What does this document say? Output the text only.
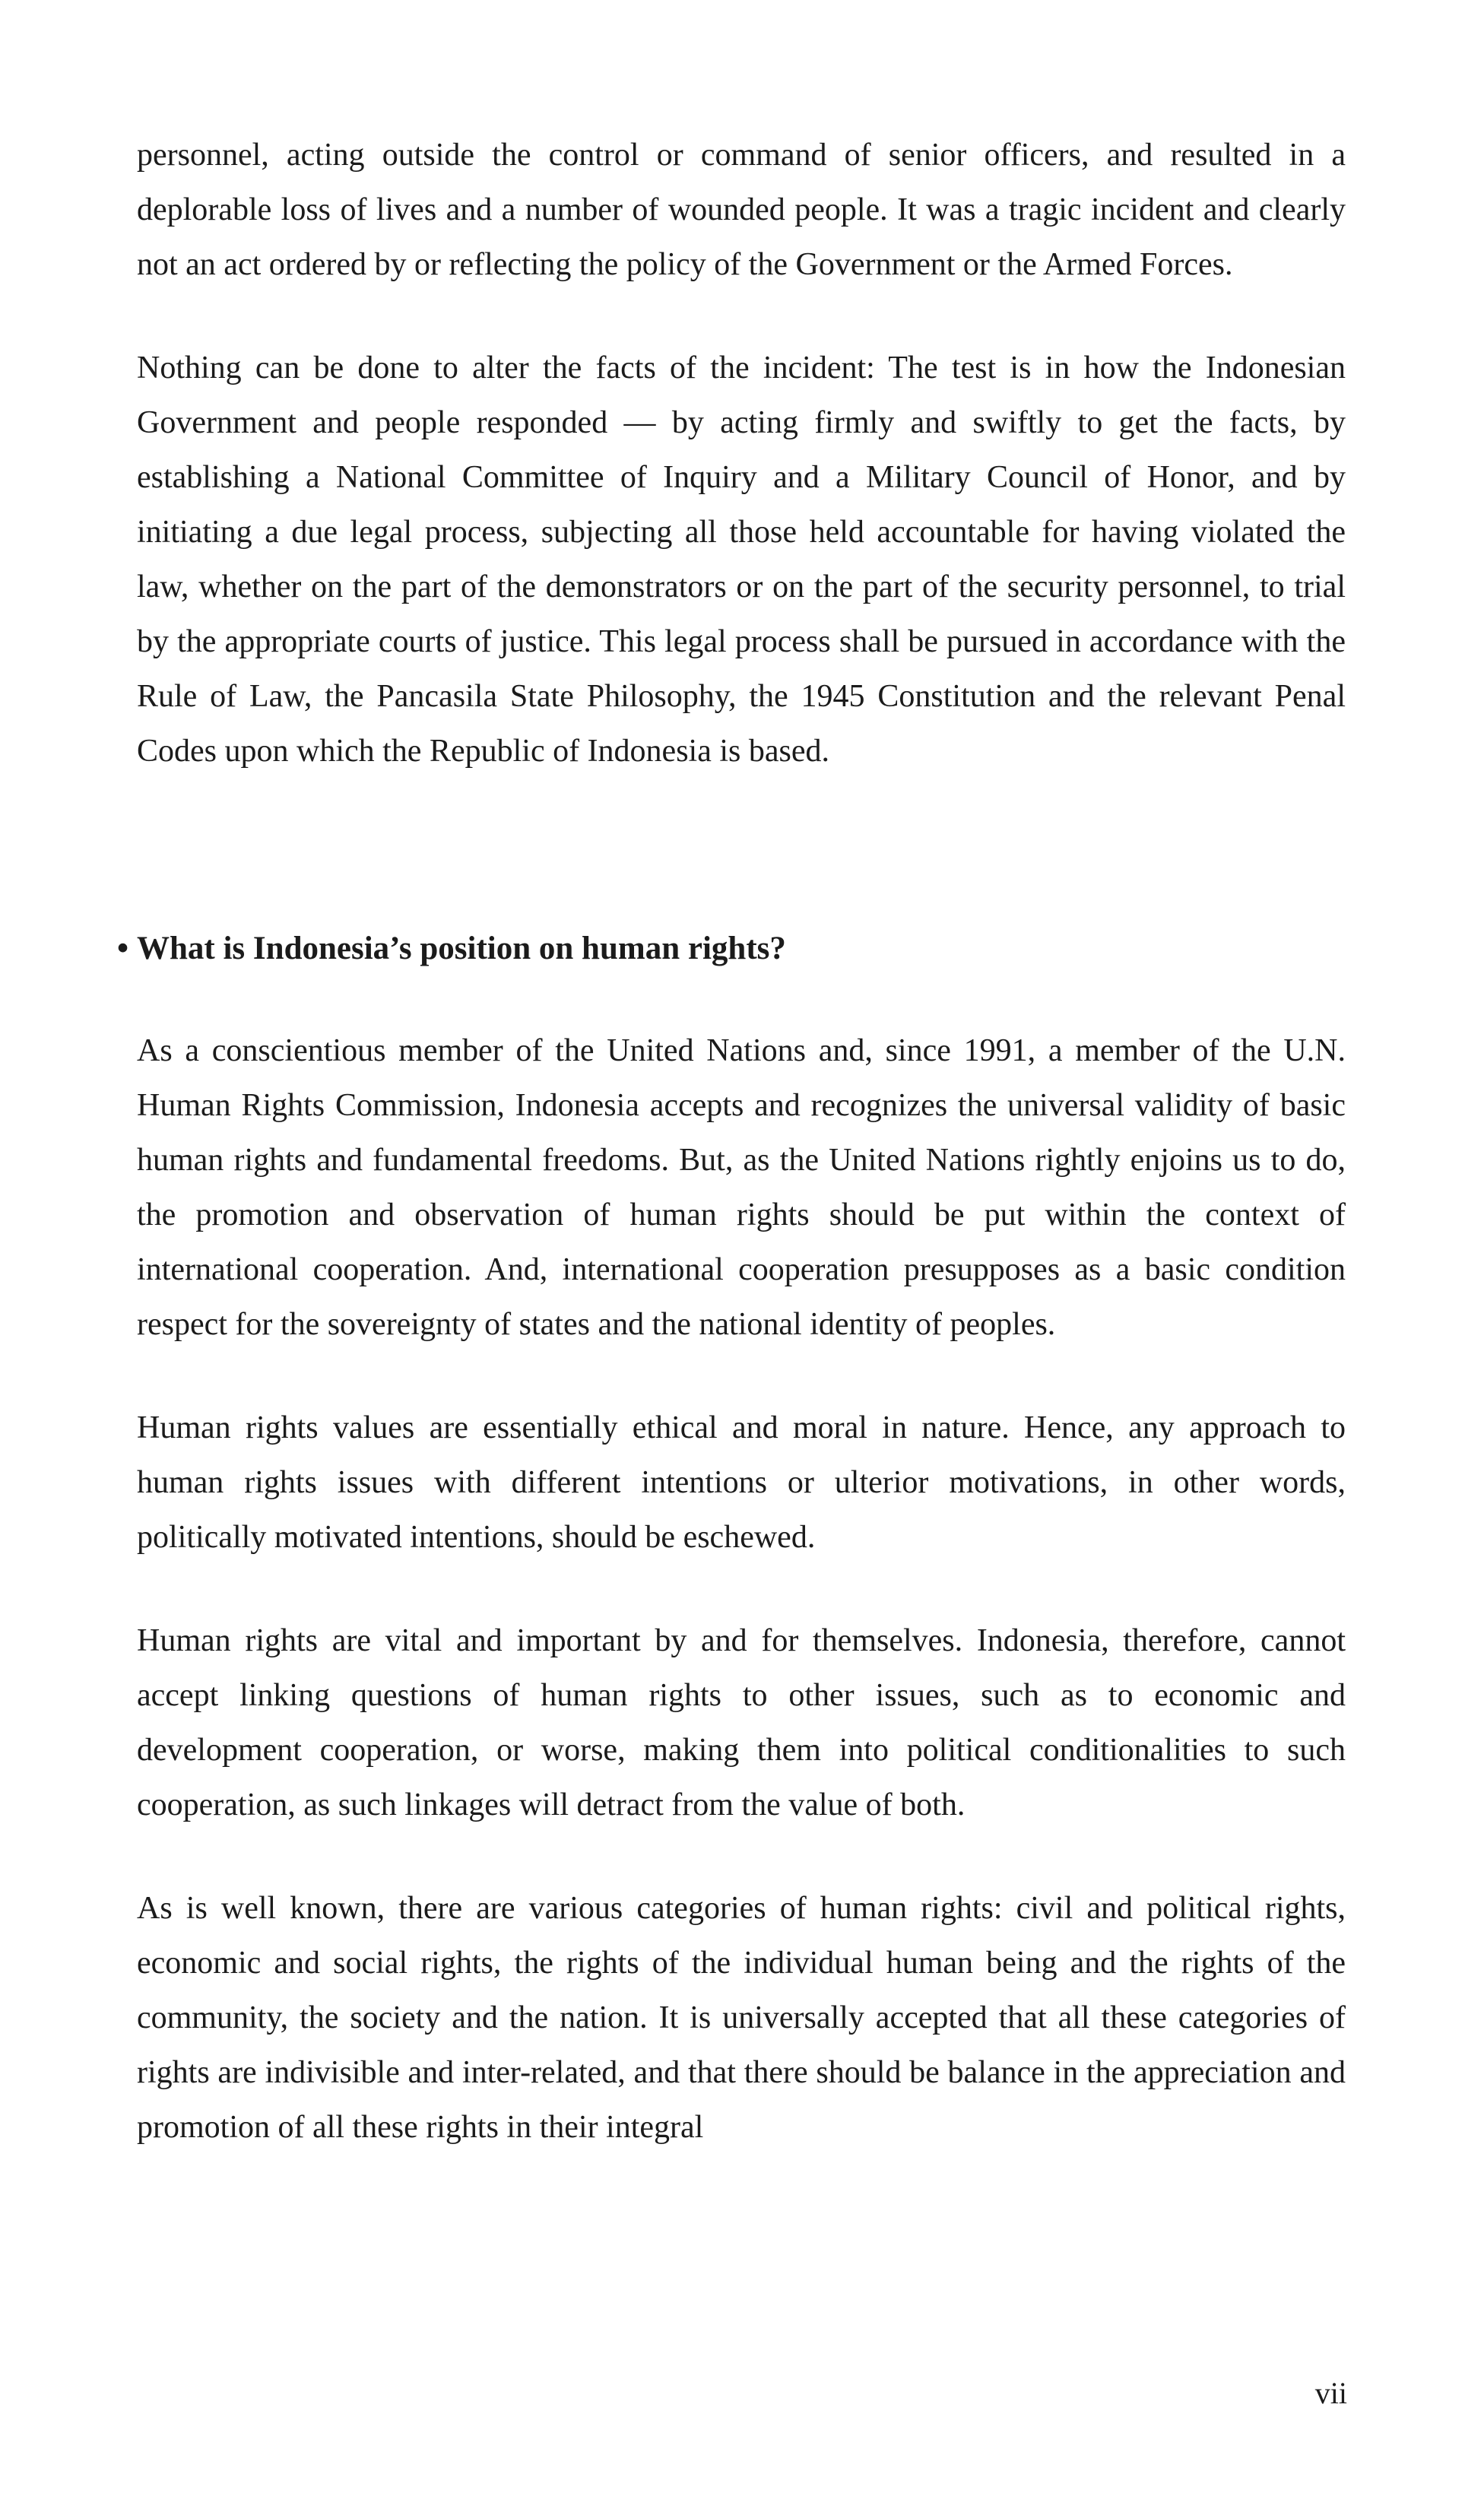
personnel, acting outside the control or command of senior officers, and resulted in a deplorable loss of lives and a number of wounded people. It was a tragic incident and clearly not an act ordered by or reflecting the policy of the Government or the Armed Forces.

Nothing can be done to alter the facts of the incident: The test is in how the Indonesian Government and people responded — by acting firmly and swiftly to get the facts, by establishing a National Committee of Inquiry and a Military Council of Honor, and by initiating a due legal process, subjecting all those held accountable for having violated the law, whether on the part of the demonstrators or on the part of the security personnel, to trial by the appropriate courts of justice. This legal process shall be pursued in accordance with the Rule of Law, the Pancasila State Philosophy, the 1945 Constitution and the relevant Penal Codes upon which the Republic of Indonesia is based.

• What is Indonesia’s position on human rights?

As a conscientious member of the United Nations and, since 1991, a member of the U.N. Human Rights Commission, Indonesia accepts and recognizes the universal validity of basic human rights and fundamental freedoms. But, as the United Nations rightly enjoins us to do, the promotion and observation of human rights should be put within the context of international cooperation. And, international cooperation presupposes as a basic condition respect for the sovereignty of states and the national identity of peoples.

Human rights values are essentially ethical and moral in nature. Hence, any approach to human rights issues with different intentions or ulterior motivations, in other words, politically motivated intentions, should be eschewed.

Human rights are vital and important by and for themselves. Indonesia, therefore, cannot accept linking questions of human rights to other issues, such as to economic and development cooperation, or worse, making them into political conditionalities to such cooperation, as such linkages will detract from the value of both.

As is well known, there are various categories of human rights: civil and political rights, economic and social rights, the rights of the individual human being and the rights of the community, the society and the nation. It is universally accepted that all these categories of rights are indivisible and inter-related, and that there should be balance in the appreciation and promotion of all these rights in their integral

vii
